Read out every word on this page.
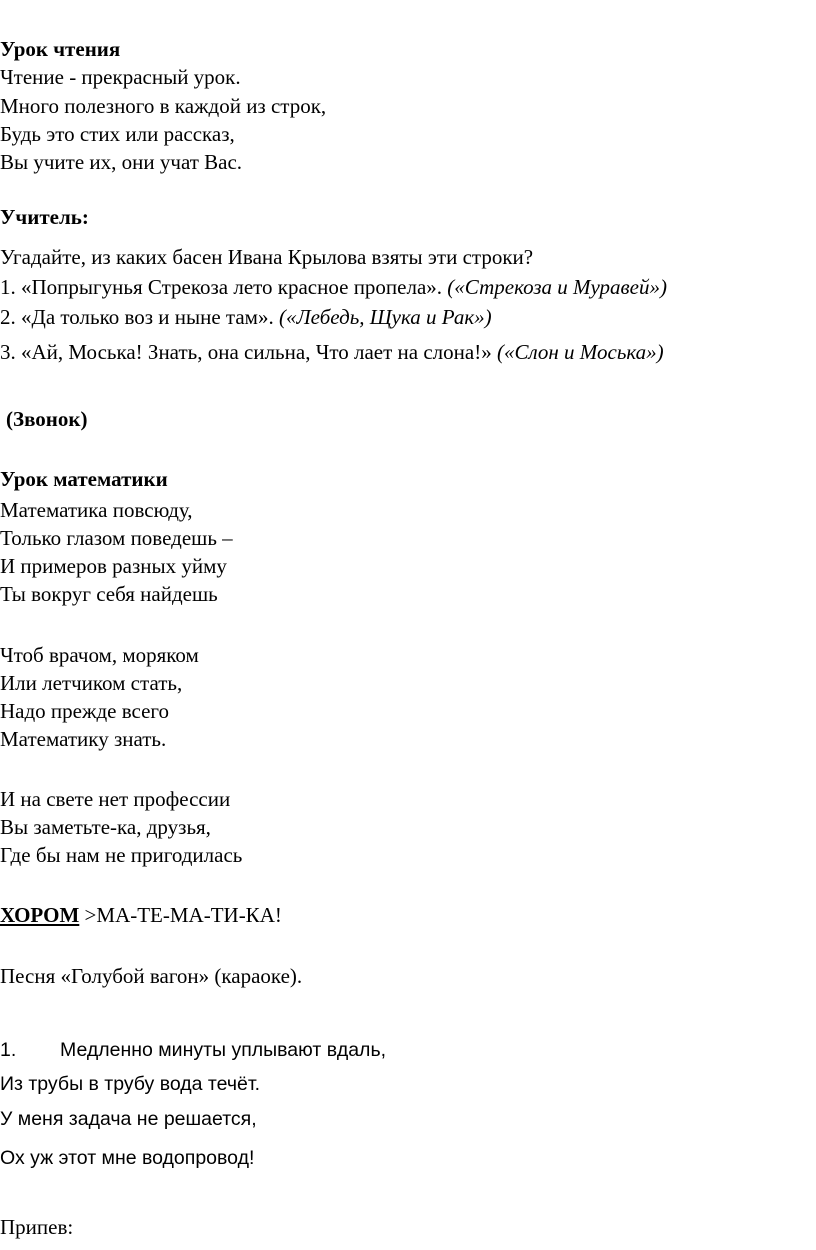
Урок чтения
Чтение - прекрасный урок.
Много полезного в каждой из строк,
Будь это стих или рассказ,
Вы учите их, они учат Вас.
Учитель:
Угадайте, из каких басен Ивана Крылова взяты эти строки?
1. «Попрыгунья Стрекоза лето красное пропела». («Стрекоза и Муравей»)
2. «Да только воз и ныне там». («Лебедь, Щука и Рак»)
3. «Ай, Моська! Знать, она сильна, Что лает на слона!» («Слон и Моська»)
(Звонок)
Урок математики
Математика повсюду,
Только глазом поведешь –
И примеров разных уйму
Ты вокруг себя найдешь
Чтоб врачом, моряком
Или летчиком стать,
Надо прежде всего
Математику знать.
И на свете нет профессии
Вы заметьте-ка, друзья,
Где бы нам не пригодилась
ХОРОМ >МА-ТЕ-МА-ТИ-КА!
Песня «Голубой вагон» (караоке).
1. Медленно минуты уплывают вдаль,
Из трубы в трубу вода течёт.
У меня задача не решается,
Ох уж этот мне водопровод!
Припев:
